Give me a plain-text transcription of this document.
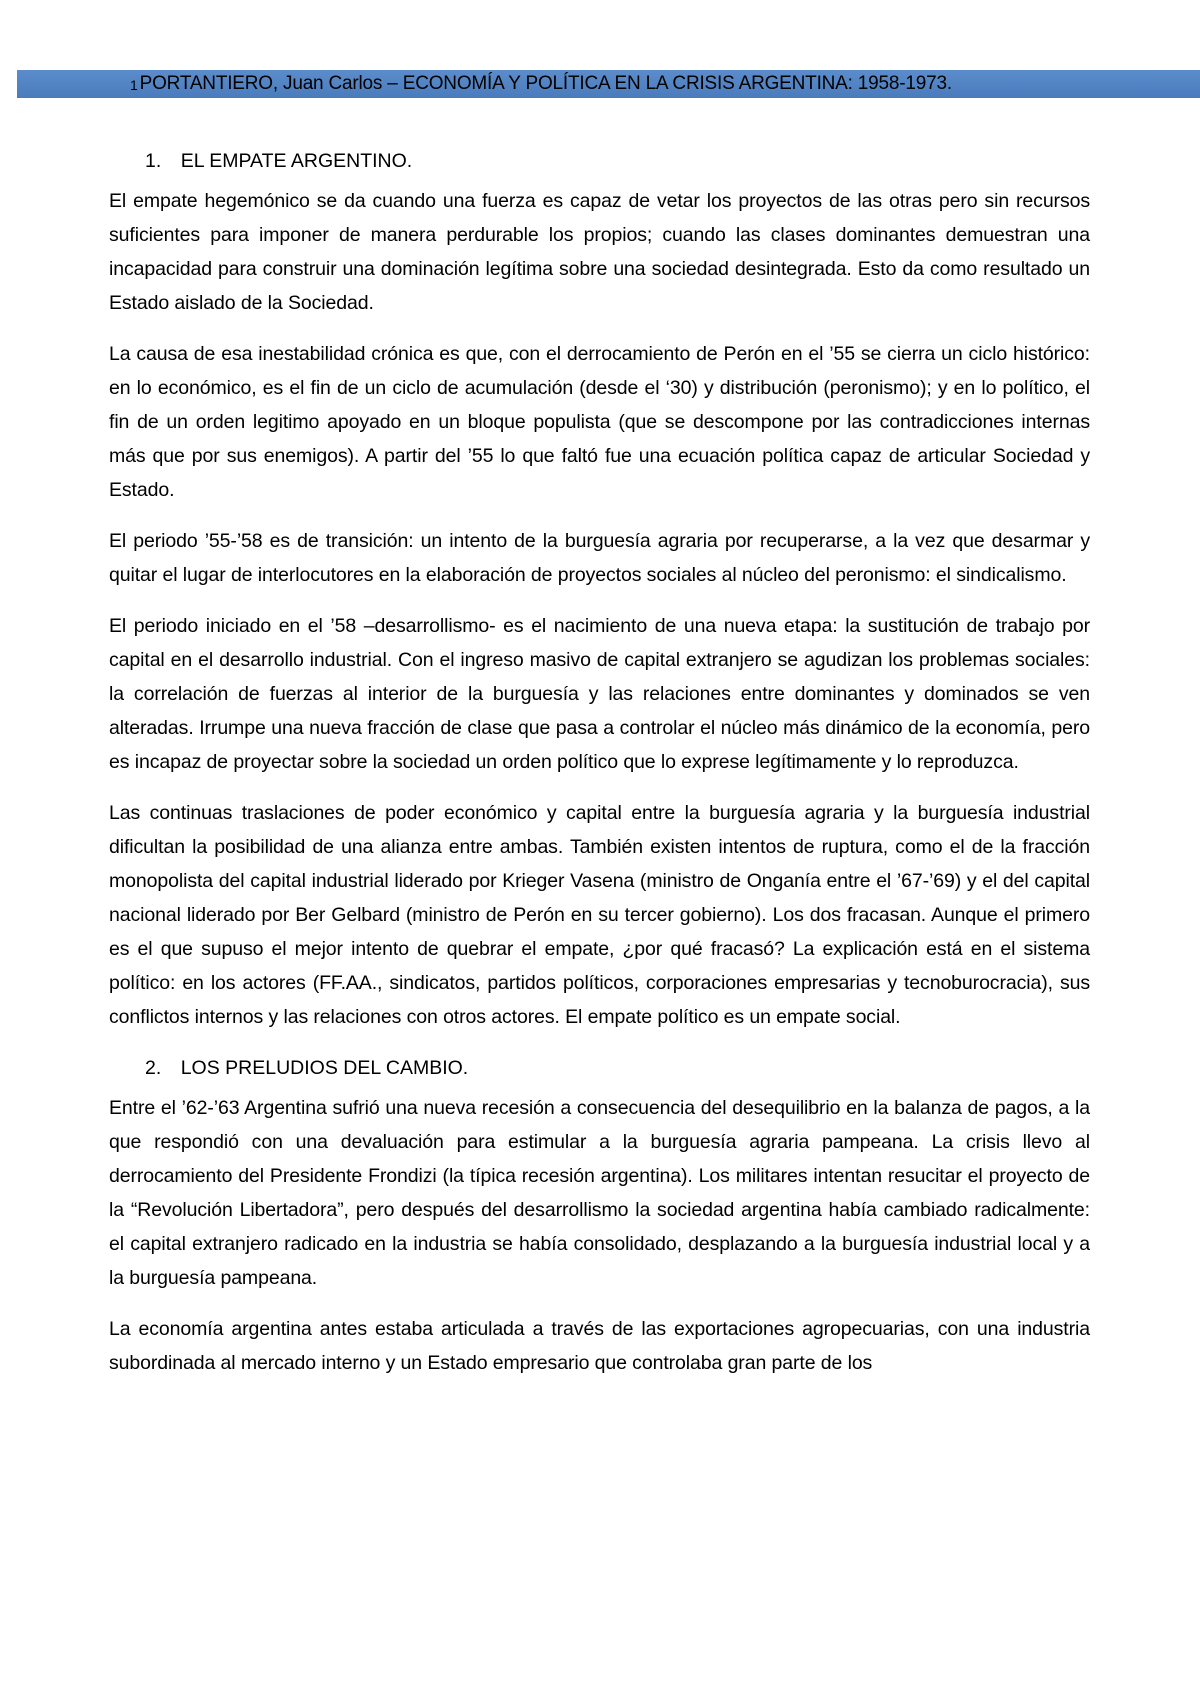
1 PORTANTIERO, Juan Carlos – ECONOMÍA Y POLÍTICA EN LA CRISIS ARGENTINA: 1958-1973.
1. EL EMPATE ARGENTINO.

El empate hegemónico se da cuando una fuerza es capaz de vetar los proyectos de las otras pero sin recursos suficientes para imponer de manera perdurable los propios; cuando las clases dominantes demuestran una incapacidad para construir una dominación legítima sobre una sociedad desintegrada. Esto da como resultado un Estado aislado de la Sociedad.

La causa de esa inestabilidad crónica es que, con el derrocamiento de Perón en el ’55 se cierra un ciclo histórico: en lo económico, es el fin de un ciclo de acumulación (desde el ‘30) y distribución (peronismo); y en lo político, el fin de un orden legitimo apoyado en un bloque populista (que se descompone por las contradicciones internas más que por sus enemigos). A partir del ’55 lo que faltó fue una ecuación política capaz de articular Sociedad y Estado.

El periodo ’55-’58 es de transición: un intento de la burguesía agraria por recuperarse, a la vez que desarmar y quitar el lugar de interlocutores en la elaboración de proyectos sociales al núcleo del peronismo: el sindicalismo.

El periodo iniciado en el ’58 –desarrollismo- es el nacimiento de una nueva etapa: la sustitución de trabajo por capital en el desarrollo industrial. Con el ingreso masivo de capital extranjero se agudizan los problemas sociales: la correlación de fuerzas al interior de la burguesía y las relaciones entre dominantes y dominados se ven alteradas. Irrumpe una nueva fracción de clase que pasa a controlar el núcleo más dinámico de la economía, pero es incapaz de proyectar sobre la sociedad un orden político que lo exprese legítimamente y lo reproduzca.

Las continuas traslaciones de poder económico y capital entre la burguesía agraria y la burguesía industrial dificultan la posibilidad de una alianza entre ambas. También existen intentos de ruptura, como el de la fracción monopolista del capital industrial liderado por Krieger Vasena (ministro de Onganía entre el ’67-’69) y el del capital nacional liderado por Ber Gelbard (ministro de Perón en su tercer gobierno). Los dos fracasan. Aunque el primero es el que supuso el mejor intento de quebrar el empate, ¿por qué fracasó? La explicación está en el sistema político: en los actores (FF.AA., sindicatos, partidos políticos, corporaciones empresarias y tecnoburocracia), sus conflictos internos y las relaciones con otros actores. El empate político es un empate social.

2. LOS PRELUDIOS DEL CAMBIO.

Entre el ’62-’63 Argentina sufrió una nueva recesión a consecuencia del desequilibrio en la balanza de pagos, a la que respondió con una devaluación para estimular a la burguesía agraria pampeana. La crisis llevo al derrocamiento del Presidente Frondizi (la típica recesión argentina). Los militares intentan resucitar el proyecto de la “Revolución Libertadora”, pero después del desarrollismo la sociedad argentina había cambiado radicalmente: el capital extranjero radicado en la industria se había consolidado, desplazando a la burguesía industrial local y a la burguesía pampeana.

La economía argentina antes estaba articulada a través de las exportaciones agropecuarias, con una industria subordinada al mercado interno y un Estado empresario que controlaba gran parte de los
